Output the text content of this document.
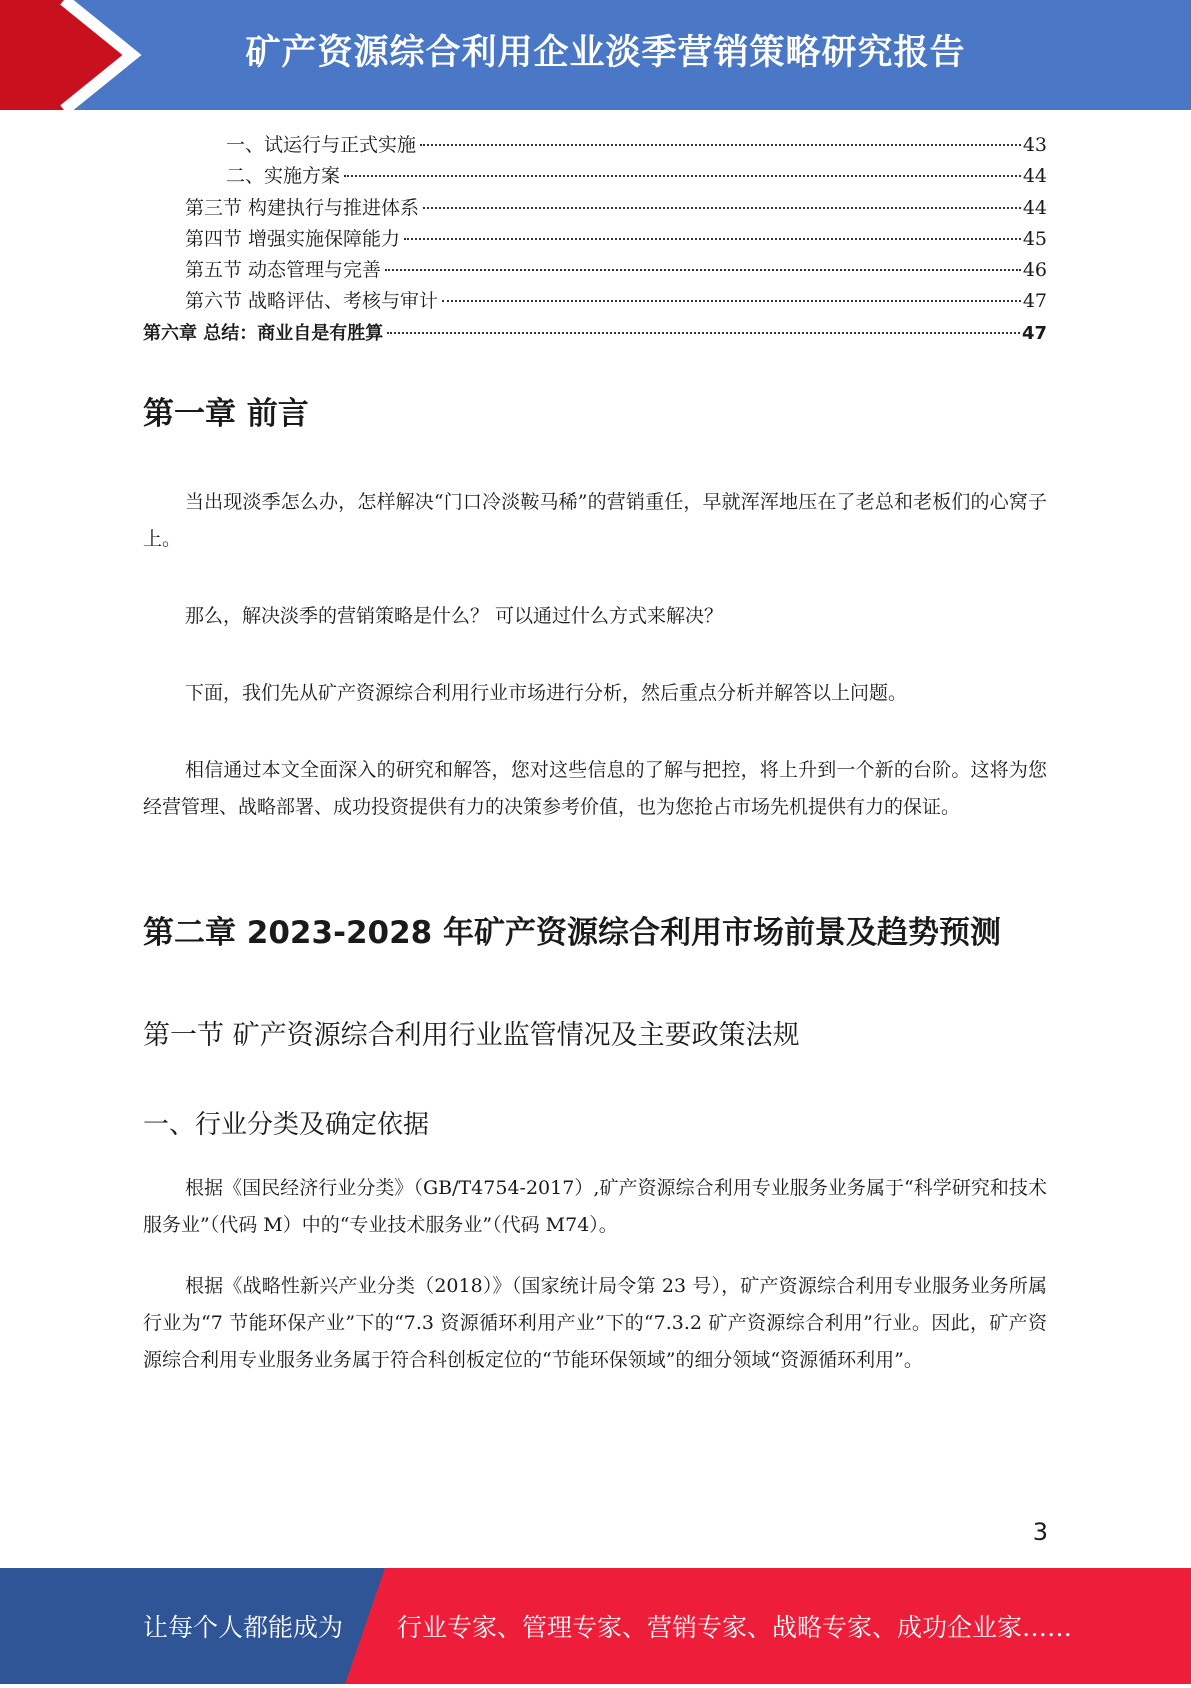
矿产资源综合利用企业淡季营销策略研究报告
一、试运行与正式实施	43
二、实施方案	44
第三节 构建执行与推进体系	44
第四节 增强实施保障能力	45
第五节 动态管理与完善	46
第六节 战略评估、考核与审计	47
第六章 总结：商业自是有胜算	47
第一章 前言

当出现淡季怎么办，怎样解决“门口冷淡鞍马稀”的营销重任，早就浑浑地压在了老总和老板们的心窝子上。

那么，解决淡季的营销策略是什么？ 可以通过什么方式来解决？

下面，我们先从矿产资源综合利用行业市场进行分析，然后重点分析并解答以上问题。

相信通过本文全面深入的研究和解答，您对这些信息的了解与把控，将上升到一个新的台阶。这将为您经营管理、战略部署、成功投资提供有力的决策参考价值，也为您抢占市场先机提供有力的保证。

第二章 2023-2028 年矿产资源综合利用市场前景及趋势预测
第一节 矿产资源综合利用行业监管情况及主要政策法规
一、行业分类及确定依据

根据《国民经济行业分类》（GB/T4754-2017）,矿产资源综合利用专业服务业务属于“科学研究和技术服务业”（代码 M）中的“专业技术服务业”（代码 M74）。

根据《战略性新兴产业分类（2018）》（国家统计局令第 23 号），矿产资源综合利用专业服务业务所属行业为“7 节能环保产业”下的“7.3 资源循环利用产业”下的“7.3.2 矿产资源综合利用”行业。因此，矿产资源综合利用专业服务业务属于符合科创板定位的“节能环保领域”的细分领域“资源循环利用”。

3
让每个人都能成为 行业专家、管理专家、营销专家、战略专家、成功企业家……
